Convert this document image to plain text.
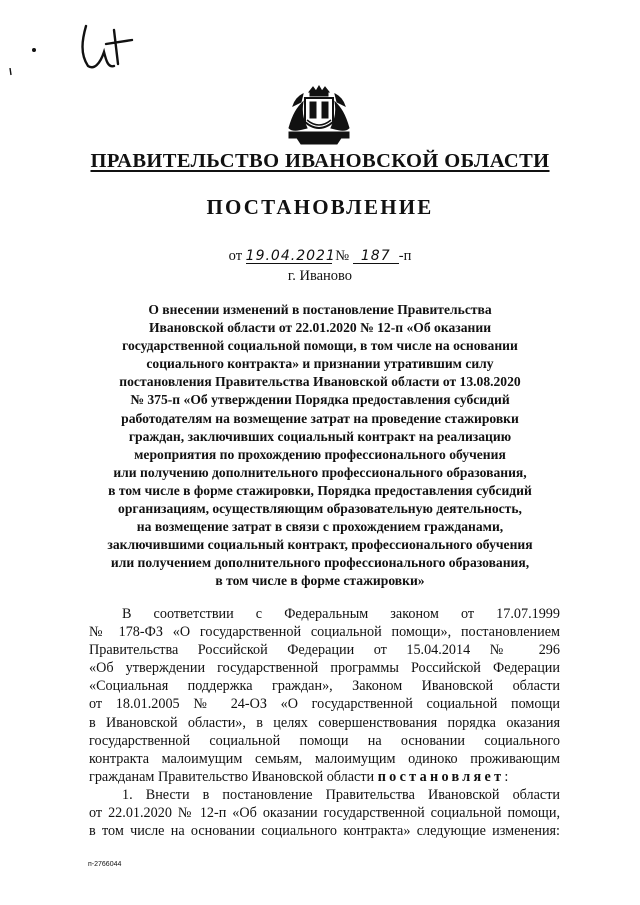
Ut
ПРАВИТЕЛЬСТВО ИВАНОВСКОЙ ОБЛАСТИ
ПОСТАНОВЛЕНИЕ
от 19.04.2021 № 187 -п
г. Иваново
О внесении изменений в постановление Правительства
Ивановской области от 22.01.2020 № 12-п «Об оказании
государственной социальной помощи, в том числе на основании
социального контракта» и признании утратившим силу
постановления Правительства Ивановской области от 13.08.2020
№ 375-п «Об утверждении Порядка предоставления субсидий
работодателям на возмещение затрат на проведение стажировки
граждан, заключивших социальный контракт на реализацию
мероприятия по прохождению профессионального обучения
или получению дополнительного профессионального образования,
в том числе в форме стажировки, Порядка предоставления субсидий
организациям, осуществляющим образовательную деятельность,
на возмещение затрат в связи с прохождением гражданами,
заключившими социальный контракт, профессионального обучения
или получением дополнительного профессионального образования,
в том числе в форме стажировки»
В соответствии с Федеральным законом от 17.07.1999
№ 178-ФЗ «О государственной социальной помощи», постановлением
Правительства Российской Федерации от 15.04.2014 № 296
«Об утверждении государственной программы Российской Федерации
«Социальная поддержка граждан», Законом Ивановской области
от 18.01.2005 № 24-ОЗ «О государственной социальной помощи
в Ивановской области», в целях совершенствования порядка оказания
государственной социальной помощи на основании социального
контракта малоимущим семьям, малоимущим одиноко проживающим
гражданам Правительство Ивановской области постановляет:
1. Внести в постановление Правительства Ивановской области
от 22.01.2020 № 12-п «Об оказании государственной социальной помощи,
в том числе на основании социального контракта» следующие изменения:
п-2766044
